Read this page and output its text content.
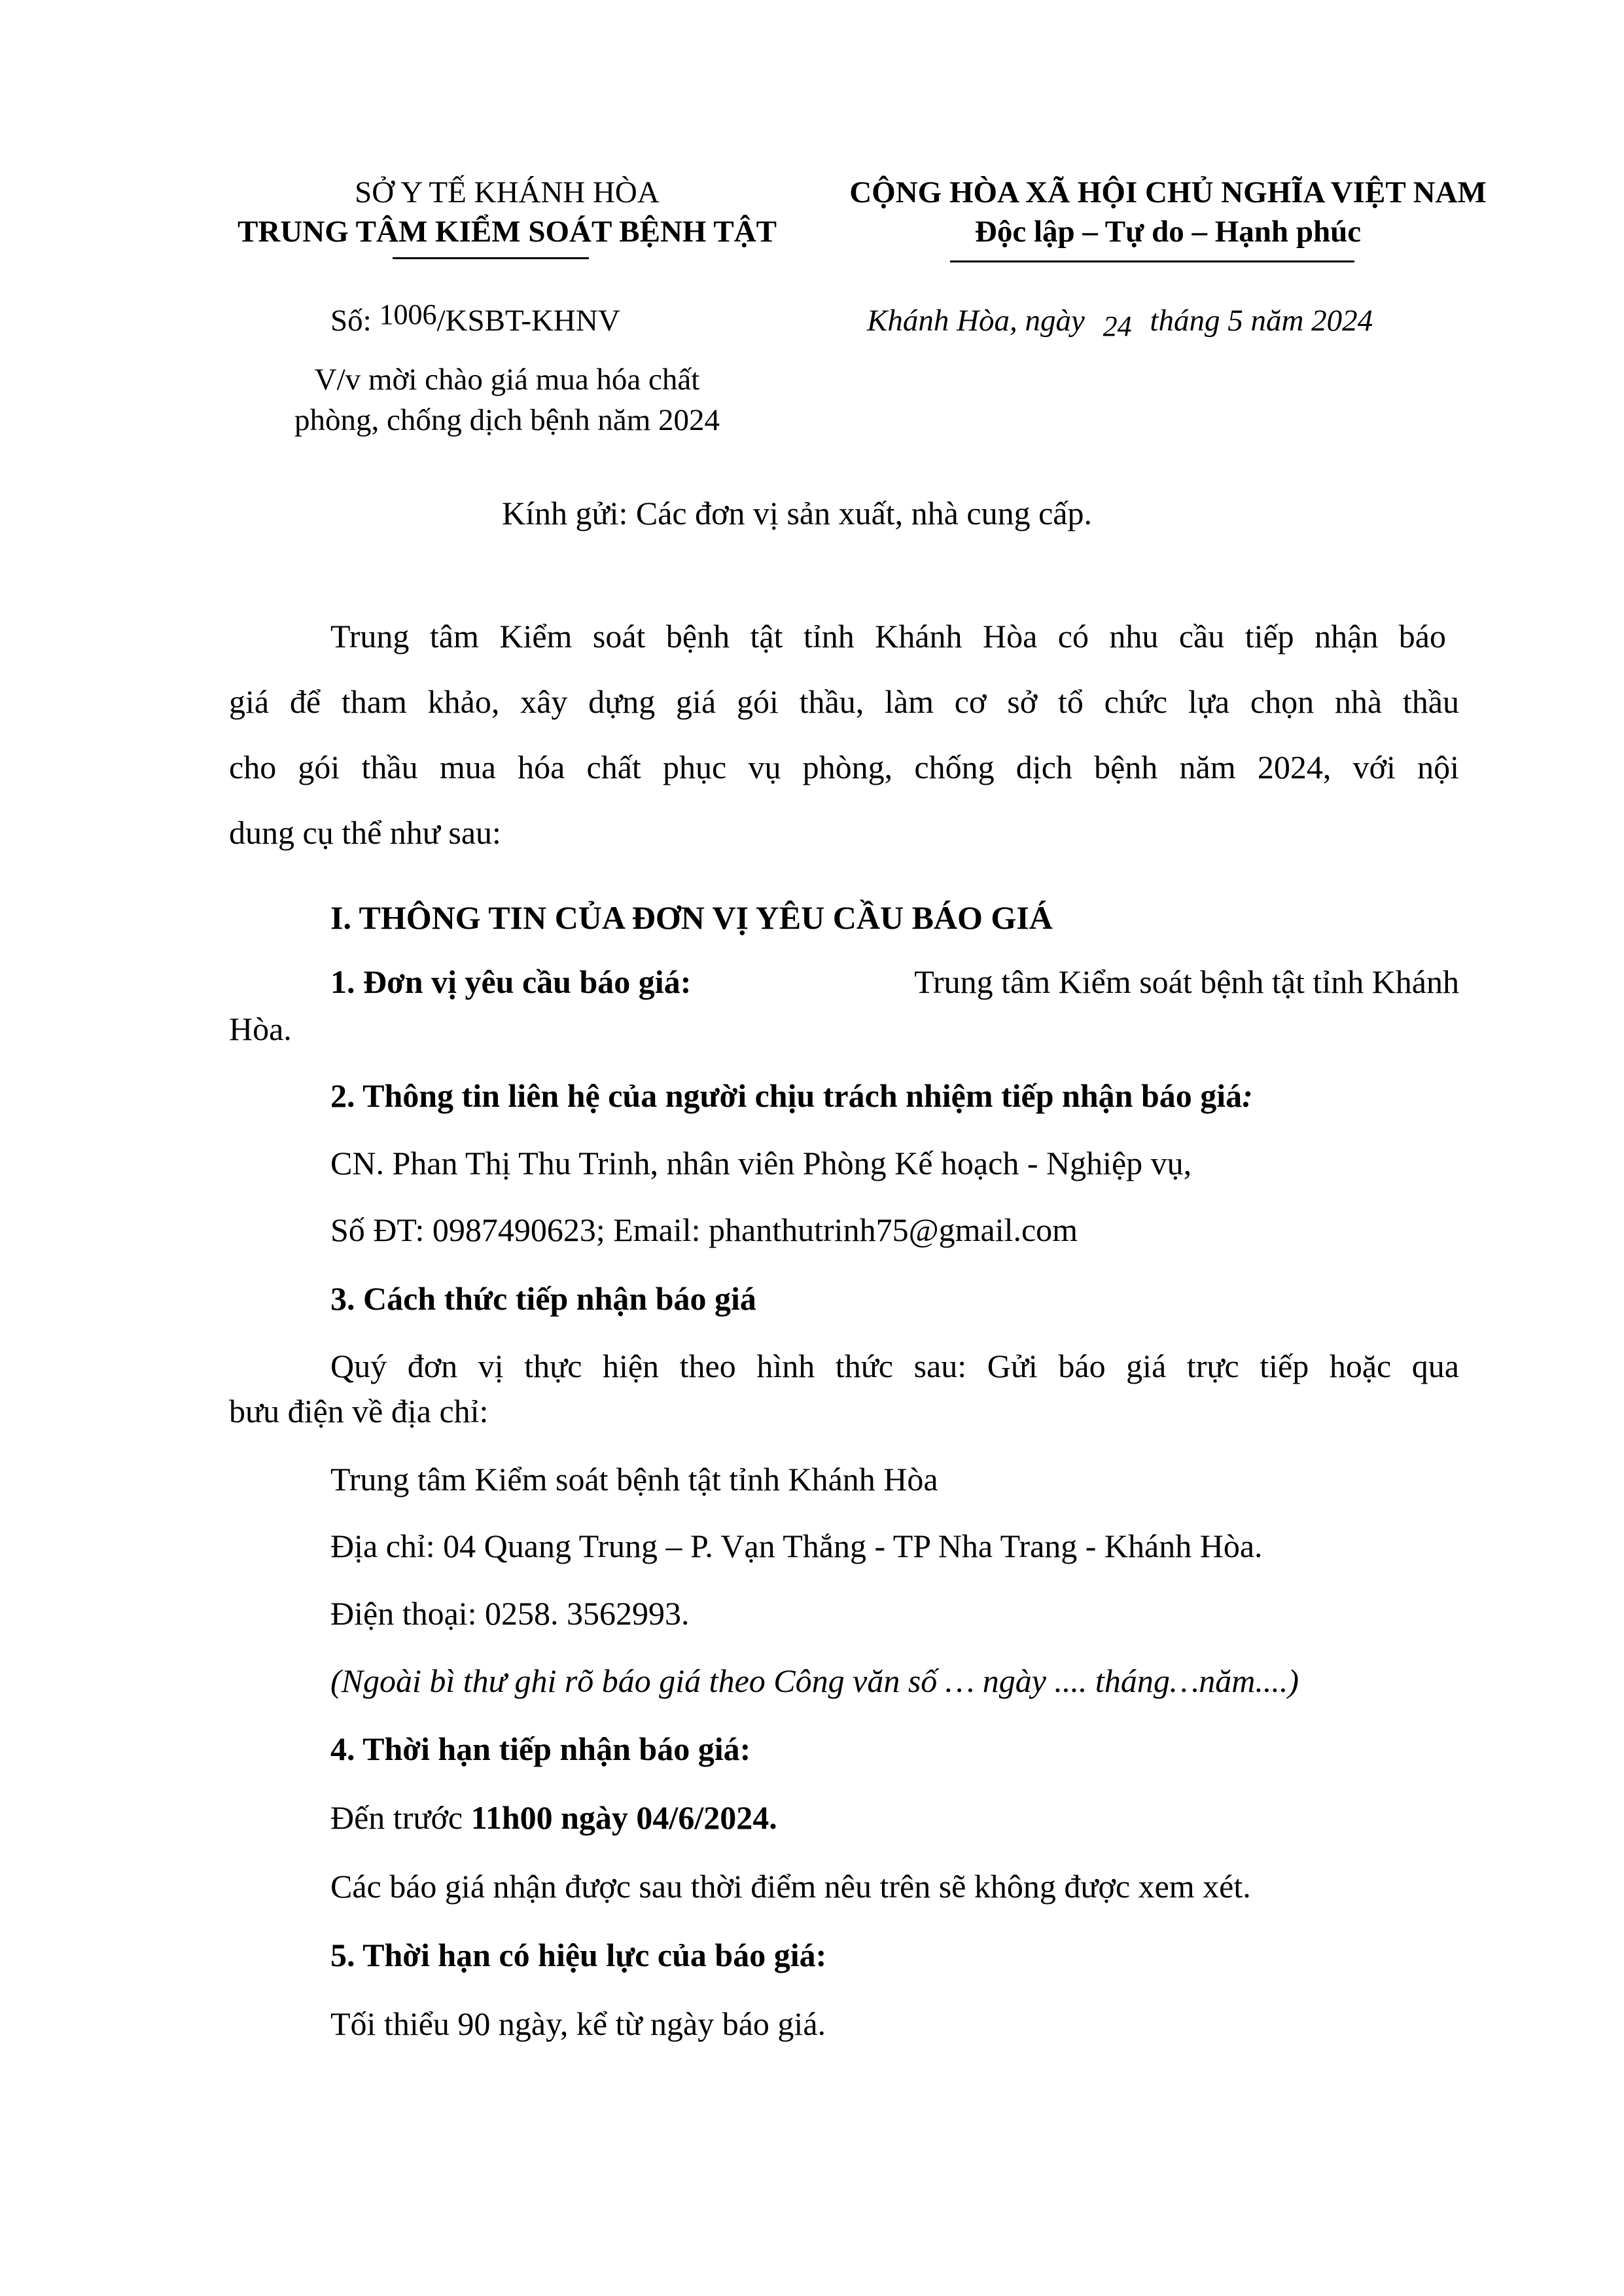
SỞ Y TẾ KHÁNH HÒA
TRUNG TÂM KIỂM SOÁT BỆNH TẬT
CỘNG HÒA XÃ HỘI CHỦ NGHĨA VIỆT NAM
Độc lập – Tự do – Hạnh phúc
Số: 1006/KSBT-KHNV	Khánh Hòa, ngày 24 tháng 5 năm 2024
V/v mời chào giá mua hóa chất
phòng, chống dịch bệnh năm 2024
Kính gửi: Các đơn vị sản xuất, nhà cung cấp.
Trung tâm Kiểm soát bệnh tật tỉnh Khánh Hòa có nhu cầu tiếp nhận báo
giá để tham khảo, xây dựng giá gói thầu, làm cơ sở tổ chức lựa chọn nhà thầu
cho gói thầu mua hóa chất phục vụ phòng, chống dịch bệnh năm 2024, với nội
dung cụ thể như sau:
I. THÔNG TIN CỦA ĐƠN VỊ YÊU CẦU BÁO GIÁ
1. Đơn vị yêu cầu báo giá:	Trung tâm Kiểm soát bệnh tật tỉnh Khánh
Hòa.
2. Thông tin liên hệ của người chịu trách nhiệm tiếp nhận báo giá:
CN. Phan Thị Thu Trinh, nhân viên Phòng Kế hoạch - Nghiệp vụ,
Số ĐT: 0987490623; Email: phanthutrinh75@gmail.com
3. Cách thức tiếp nhận báo giá
Quý đơn vị thực hiện theo hình thức sau: Gửi báo giá trực tiếp hoặc qua
bưu điện về địa chỉ:
Trung tâm Kiểm soát bệnh tật tỉnh Khánh Hòa
Địa chỉ: 04 Quang Trung – P. Vạn Thắng - TP Nha Trang - Khánh Hòa.
Điện thoại: 0258. 3562993.
(Ngoài bì thư ghi rõ báo giá theo Công văn số … ngày .... tháng…năm....)
4. Thời hạn tiếp nhận báo giá:
Đến trước 11h00 ngày 04/6/2024.
Các báo giá nhận được sau thời điểm nêu trên sẽ không được xem xét.
5. Thời hạn có hiệu lực của báo giá:
Tối thiểu 90 ngày, kể từ ngày báo giá.
